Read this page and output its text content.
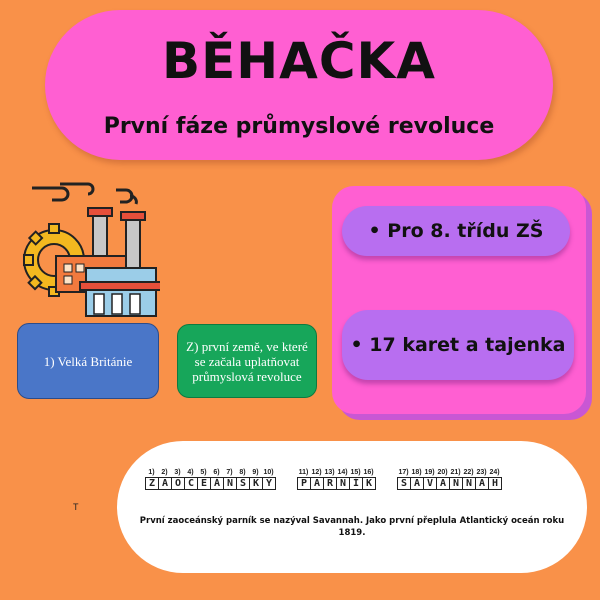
BĚHAČKA
První fáze průmyslové revoluce
1) Velká Británie
Z) první země, ve které se začala uplatňovat průmyslová revoluce
• Pro 8. třídu ZŠ
• 17 karet a tajenka
T
1) 2) 3) 4) 5) 6) 7) 8) 9) 10)
Z A O C E Á N S K Ý
11) 12) 13) 14) 15) 16)
P A R N Í K
17) 18) 19) 20) 21) 22) 23) 24)
S A V A N N A H
První zaoceánský parník se nazýval Savannah. Jako první přeplula Atlantický oceán roku 1819.
